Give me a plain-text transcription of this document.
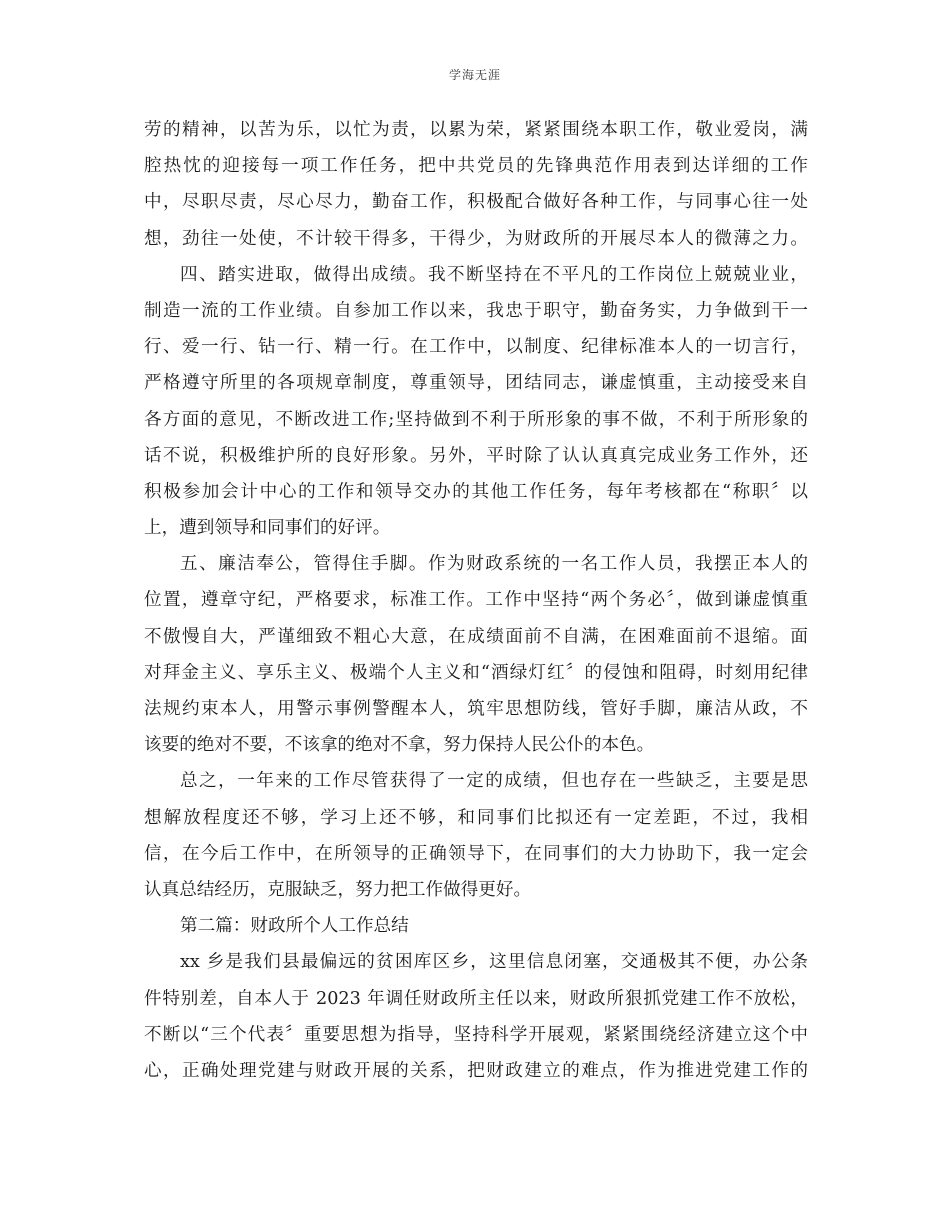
学海无涯
劳的精神，以苦为乐，以忙为责，以累为荣，紧紧围绕本职工作，敬业爱岗，满
腔热忱的迎接每一项工作任务，把中共党员的先锋典范作用表到达详细的工作
中，尽职尽责，尽心尽力，勤奋工作，积极配合做好各种工作，与同事心往一处
想，劲往一处使，不计较干得多，干得少，为财政所的开展尽本人的微薄之力。
四、踏实进取，做得出成绩。我不断坚持在不平凡的工作岗位上兢兢业业，
制造一流的工作业绩。自参加工作以来，我忠于职守，勤奋务实，力争做到干一
行、爱一行、钻一行、精一行。在工作中，以制度、纪律标准本人的一切言行，
严格遵守所里的各项规章制度，尊重领导，团结同志，谦虚慎重，主动接受来自
各方面的意见，不断改进工作;坚持做到不利于所形象的事不做，不利于所形象的
话不说，积极维护所的良好形象。另外，平时除了认认真真完成业务工作外，还
积极参加会计中心的工作和领导交办的其他工作任务，每年考核都在“称职〞以
上，遭到领导和同事们的好评。
五、廉洁奉公，管得住手脚。作为财政系统的一名工作人员，我摆正本人的
位置，遵章守纪，严格要求，标准工作。工作中坚持“两个务必〞，做到谦虚慎重
不傲慢自大，严谨细致不粗心大意，在成绩面前不自满，在困难面前不退缩。面
对拜金主义、享乐主义、极端个人主义和“酒绿灯红〞的侵蚀和阻碍，时刻用纪律
法规约束本人，用警示事例警醒本人，筑牢思想防线，管好手脚，廉洁从政，不
该要的绝对不要，不该拿的绝对不拿，努力保持人民公仆的本色。
总之，一年来的工作尽管获得了一定的成绩，但也存在一些缺乏，主要是思
想解放程度还不够，学习上还不够，和同事们比拟还有一定差距，不过，我相
信，在今后工作中，在所领导的正确领导下，在同事们的大力协助下，我一定会
认真总结经历，克服缺乏，努力把工作做得更好。
第二篇：财政所个人工作总结
xx 乡是我们县最偏远的贫困库区乡，这里信息闭塞，交通极其不便，办公条
件特别差，自本人于 2023 年调任财政所主任以来，财政所狠抓党建工作不放松，
不断以“三个代表〞重要思想为指导，坚持科学开展观，紧紧围绕经济建立这个中
心，正确处理党建与财政开展的关系，把财政建立的难点，作为推进党建工作的
